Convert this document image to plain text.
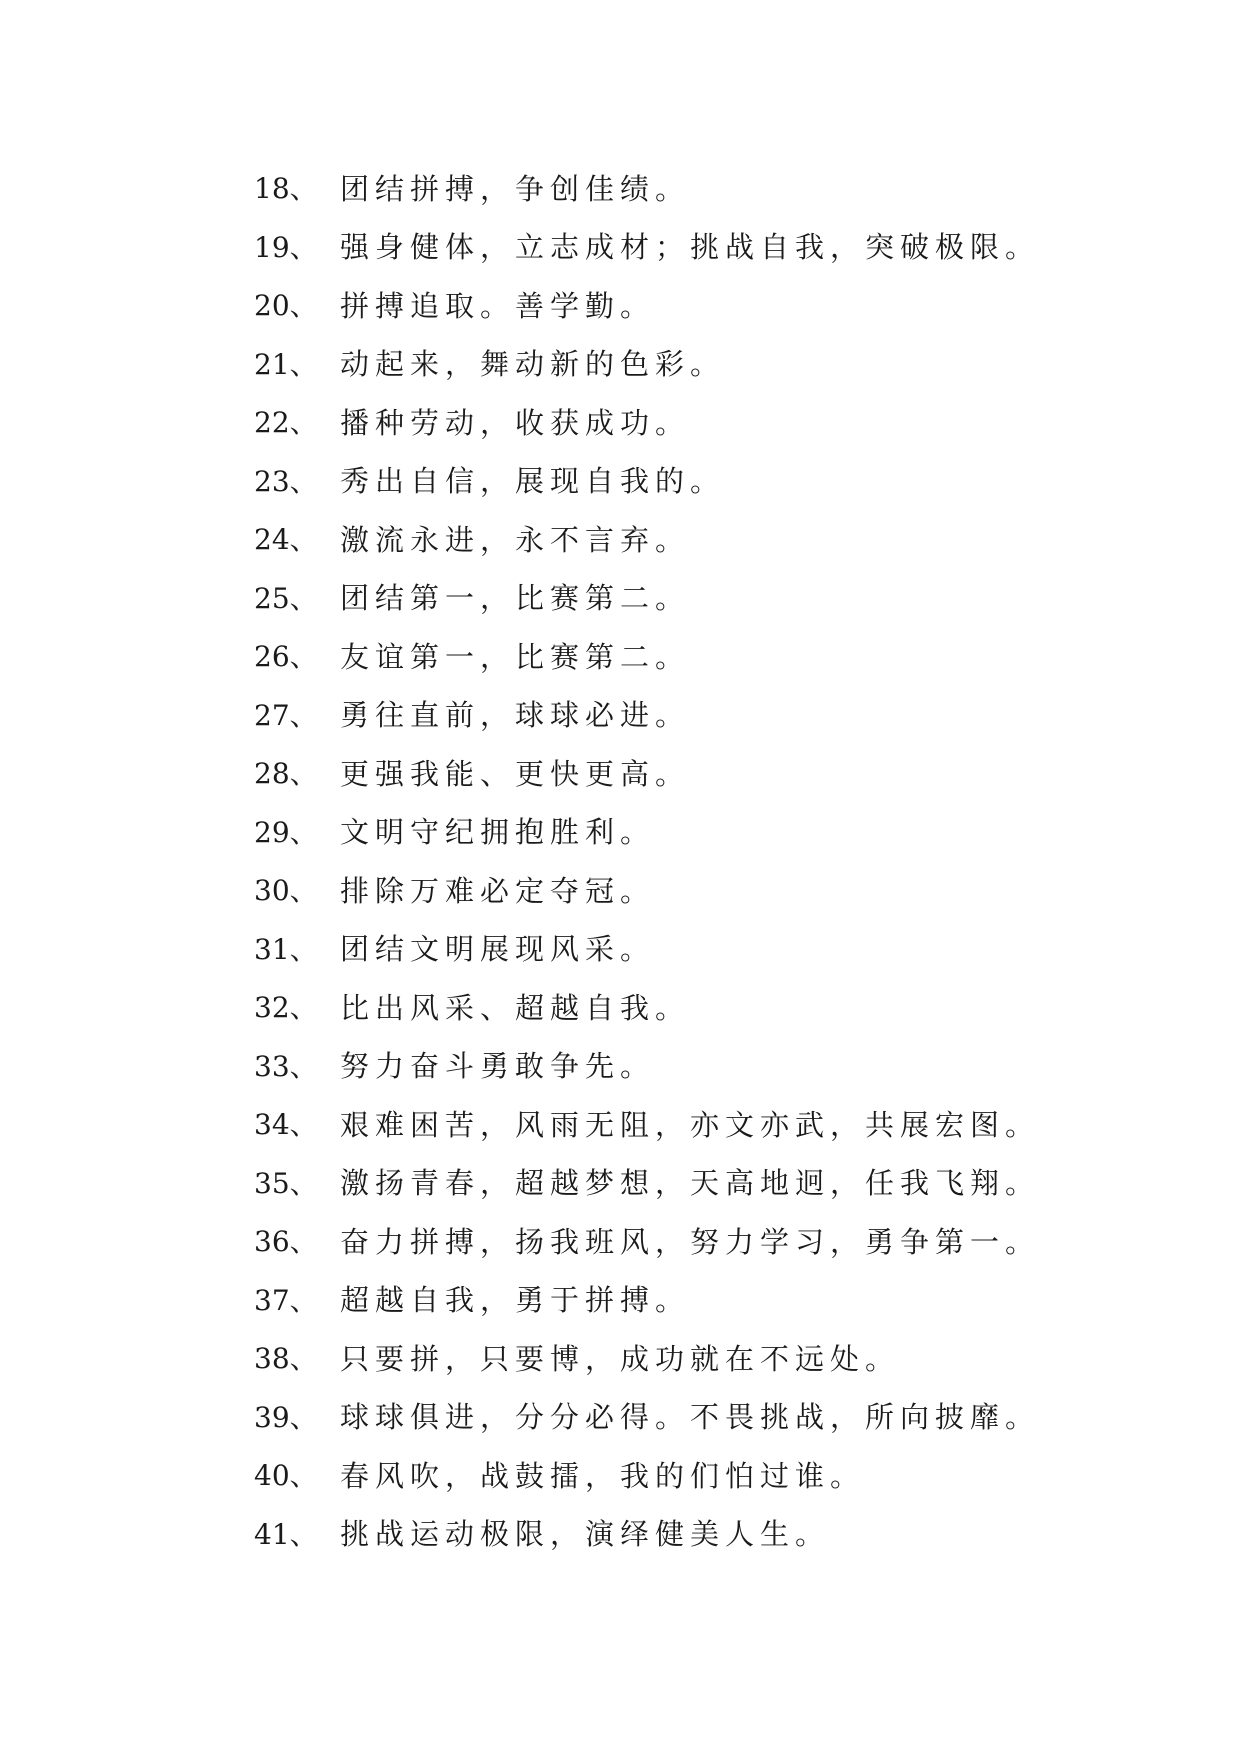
18、 团结拼搏，争创佳绩。
19、 强身健体，立志成材；挑战自我，突破极限。
20、 拼搏追取。善学勤。
21、 动起来，舞动新的色彩。
22、 播种劳动，收获成功。
23、 秀出自信，展现自我的。
24、 激流永进，永不言弃。
25、 团结第一，比赛第二。
26、 友谊第一，比赛第二。
27、 勇往直前，球球必进。
28、 更强我能、更快更高。
29、 文明守纪拥抱胜利。
30、 排除万难必定夺冠。
31、 团结文明展现风采。
32、 比出风采、超越自我。
33、 努力奋斗勇敢争先。
34、 艰难困苦，风雨无阻，亦文亦武，共展宏图。
35、 激扬青春，超越梦想，天高地迥，任我飞翔。
36、 奋力拼搏，扬我班风，努力学习，勇争第一。
37、 超越自我，勇于拼搏。
38、 只要拼，只要博，成功就在不远处。
39、 球球俱进，分分必得。不畏挑战，所向披靡。
40、 春风吹，战鼓擂，我的们怕过谁。
41、 挑战运动极限，演绎健美人生。
